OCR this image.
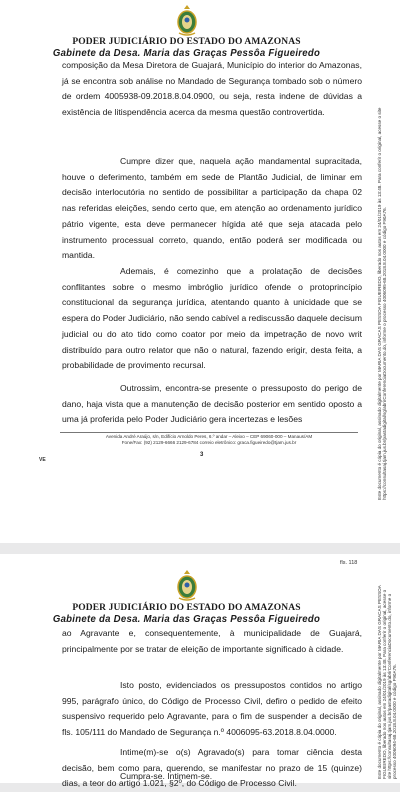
PODER JUDICIÁRIO DO ESTADO DO AMAZONAS
Gabinete da Desa. Maria das Graças Pessôa Figueiredo

composição da Mesa Diretora de Guajará, Município do interior do Amazonas, já se encontra sob análise no Mandado de Segurança tombado sob o número de ordem 4005938-09.2018.8.04.0900, ou seja, resta indene de dúvidas a existência de litispendência acerca da mesma questão controvertida.

Cumpre dizer que, naquela ação mandamental supracitada, houve o deferimento, também em sede de Plantão Judicial, de liminar em decisão interlocutória no sentido de possibilitar a participação da chapa 02 nas referidas eleições, sendo certo que, em atenção ao ordenamento jurídico pátrio vigente, esta deve permanecer hígida até que seja atacada pelo instrumento processual correto, quando, então poderá ser modificada ou mantida.

Ademais, é comezinho que a prolatação de decisões conflitantes sobre o mesmo imbróglio jurídico ofende o protoprincípio constitucional da segurança jurídica, atentando quanto à unicidade que se espera do Poder Judiciário, não sendo cabível a rediscussão daquele decisum judicial ou do ato tido como coator por meio da impetração de novo writ distribuído para outro relator que não o natural, fazendo erigir, desta feita, a probabilidade de provimento recursal.

Outrossim, encontra-se presente o pressuposto do perigo de dano, haja vista que a manutenção de decisão posterior em sentido oposto a uma já proferida pelo Poder Judiciário gera incertezas e lesões

Avenida André Araújo, s/n, Edifício Arnoldo Peres, 6.º andar – Aleixo – CEP 69060-000 – Manaus/AM
Fone/Fax: (92) 2129-6666 2129-6784 correio eletrônico: graca.figueiredo@tjam.jus.br
3
VE	Este documento é cópia do original, assinado digitalmente por MARIA DAS GRACAS PESSOA FIGUEIREDO, liberado nos autos em 24/01/2019 às 13:48. Para conferir o original, acesse o site https://consultasaj.tjam.jus.br/pastadigital/sg/abrirConferenciaDocumento.do, informe o processo 4006095-68.2018.8.04.0000 e código F90A76.
fls. 118
PODER JUDICIÁRIO DO ESTADO DO AMAZONAS
Gabinete da Desa. Maria das Graças Pessôa Figueiredo

ao Agravante e, consequentemente, à municipalidade de Guajará, principalmente por se tratar de eleição de importante significado à cidade.

Isto posto, evidenciados os pressupostos contidos no artigo 995, parágrafo único, do Código de Processo Civil, defiro o pedido de efeito suspensivo requerido pelo Agravante, para o fim de suspender a decisão de fls. 105/111 do Mandado de Segurança n.º 4006095-63.2018.8.04.0000.

Intime(m)-se o(s) Agravado(s) para tomar ciência desta decisão, bem como para, querendo, se manifestar no prazo de 15 (quinze) dias, a teor do artigo 1.021, §2º, do Código de Processo Civil.

Cumpra-se. Intimem-se.	Este documento é cópia do original, assinado digitalmente por MARIA DAS GRACAS PESSOA FIGUEIREDO, liberado nos autos em 24/01/2019 às 13:48. Para conferir o original, acesse o site https://consultasaj.tjam.jus.br/pastadigital/sg/abrirConferenciaDocumento.do, informe o processo 4006094-68.2018.8.04.0000 e código F90A76.
